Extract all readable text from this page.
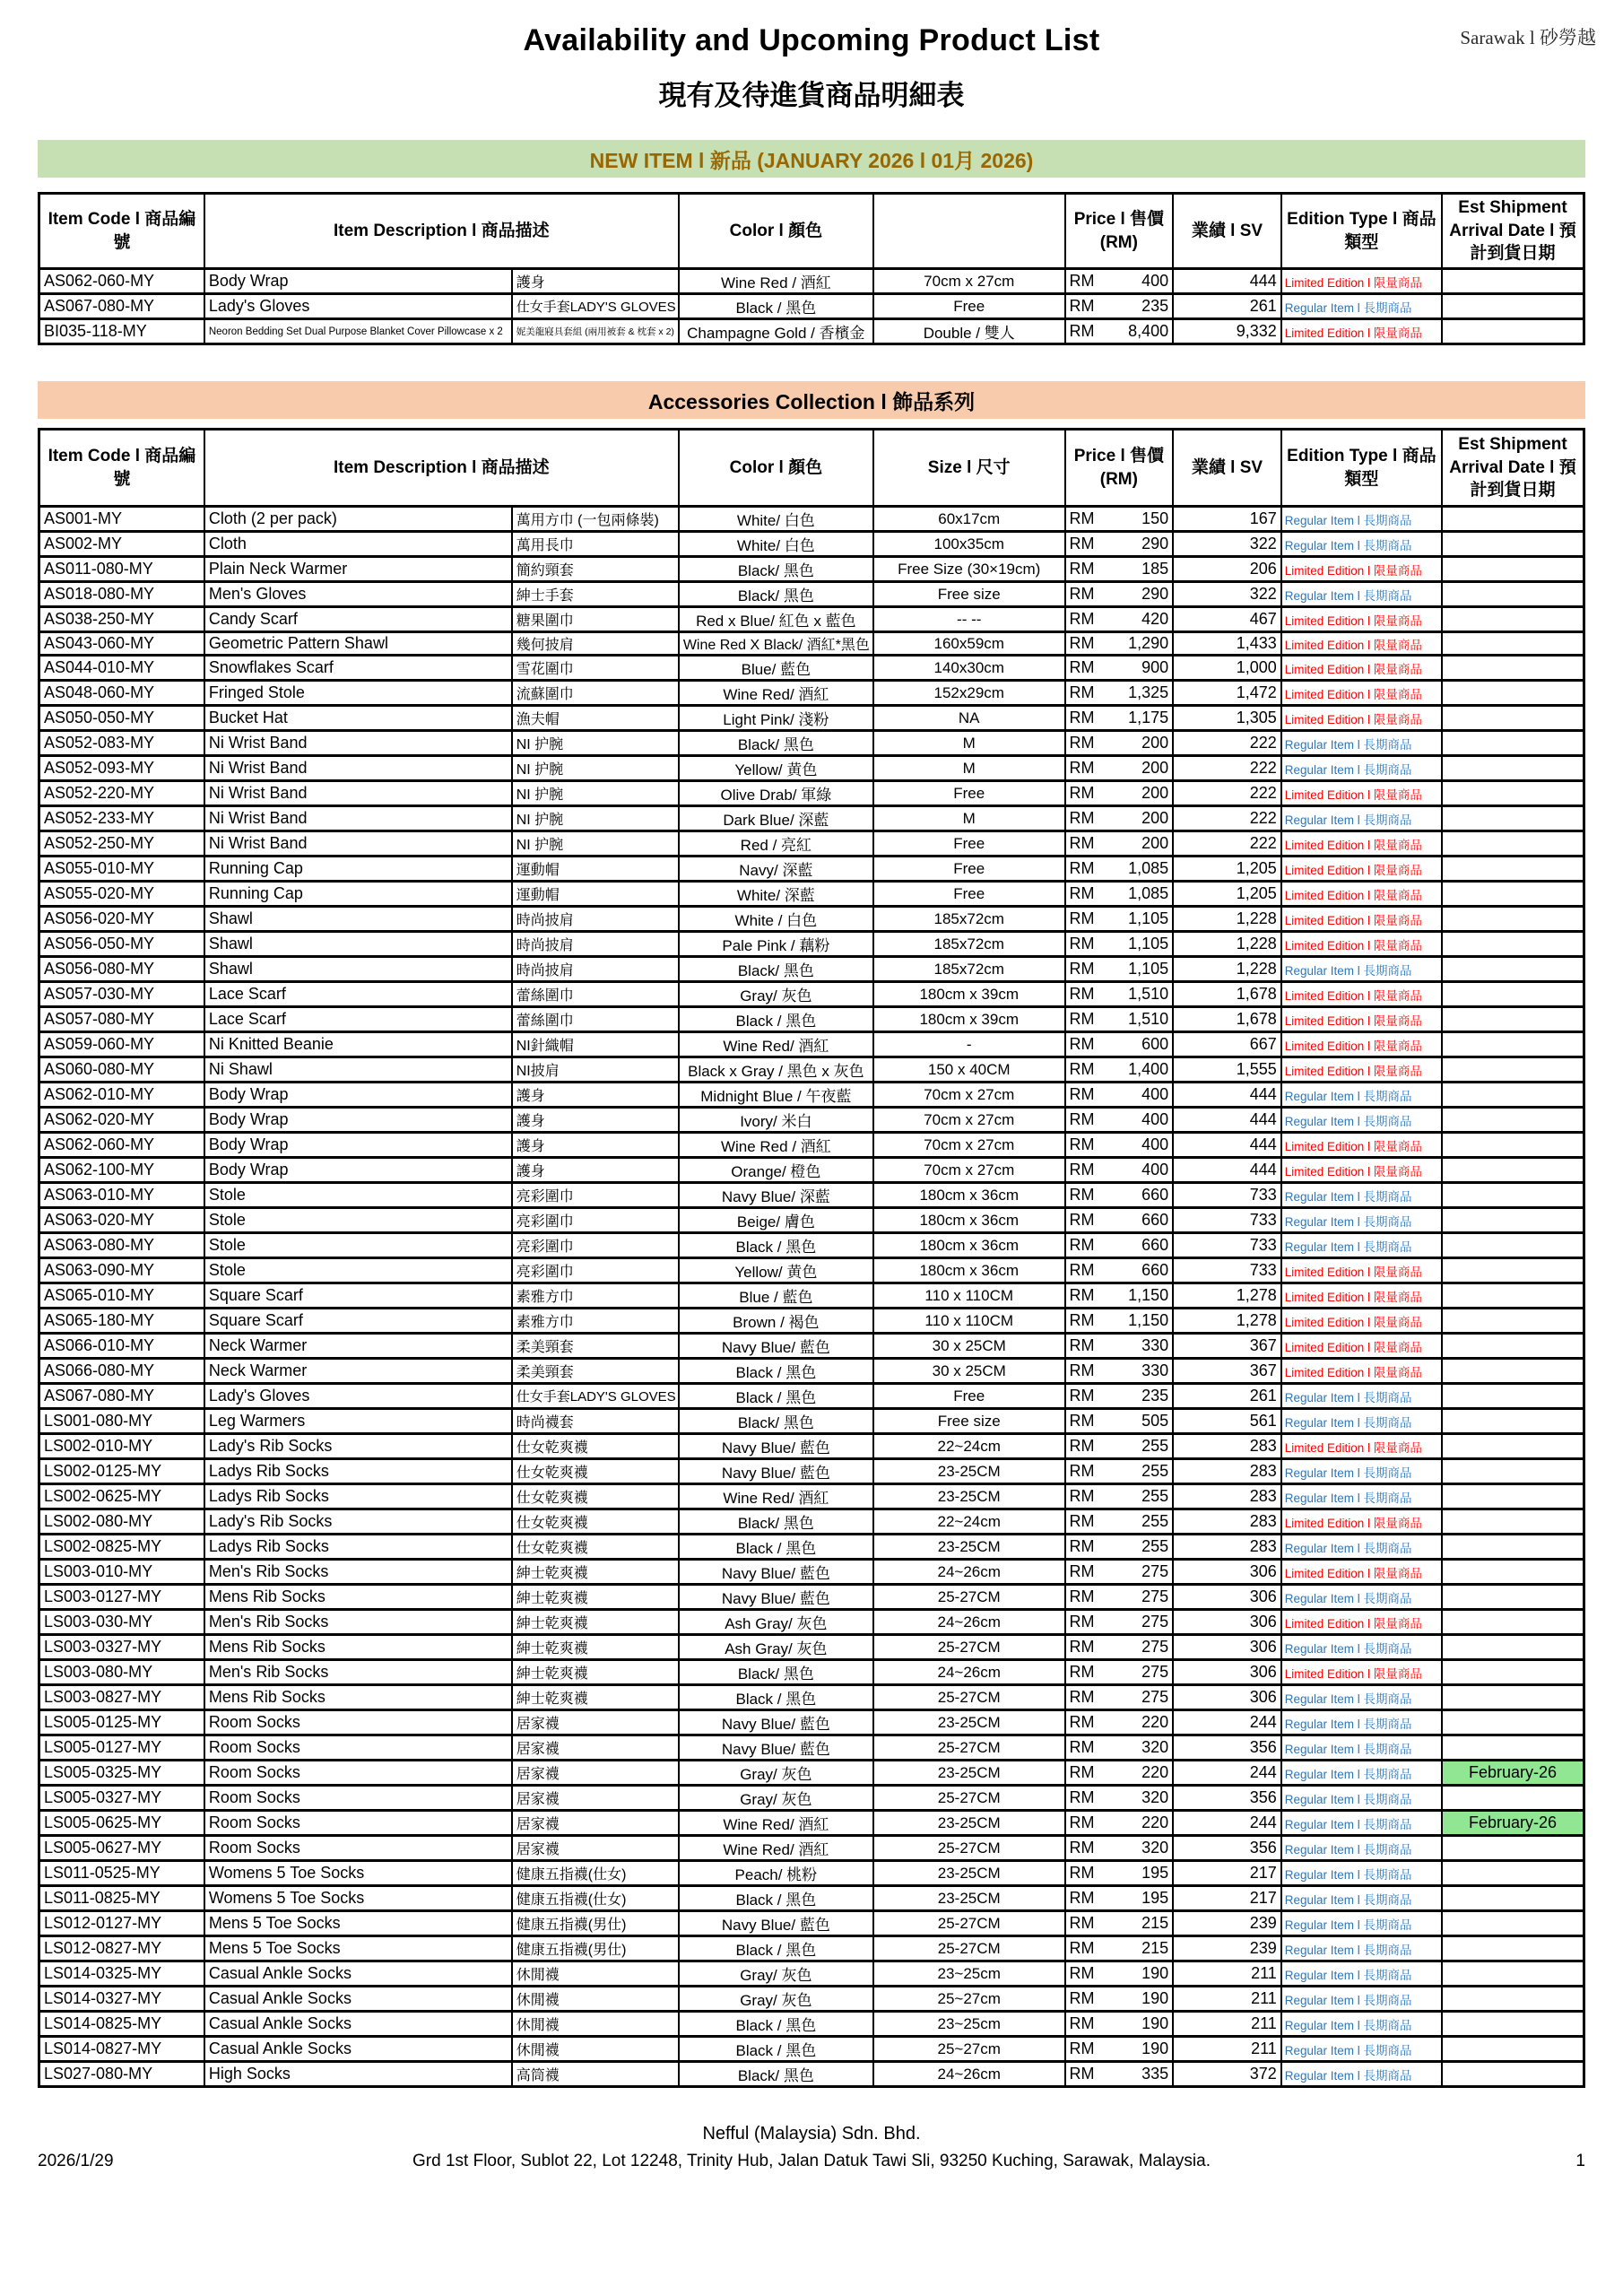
Sarawak l 砂勞越
Availability and Upcoming Product List
現有及待進貨商品明細表
NEW ITEM l 新品 (JANUARY 2026 l 01月 2026)
Item Code l 商品編號	Item Description l 商品描述		Color l 顏色		Price l 售價 (RM)	業績 l SV	Edition Type l 商品類型	Est Shipment Arrival Date l 預計到貨日期
AS062-060-MY	Body Wrap	護身	Wine Red / 酒紅	70cm x 27cm	RM 400	444	Limited Edition l 限量商品	
AS067-080-MY	Lady's Gloves	仕女手套LADY'S GLOVES	Black / 黑色	Free	RM 235	261	Regular Item l 長期商品	
BI035-118-MY	Neoron Bedding Set Dual Purpose Blanket Cover Pillowcase x 2	妮美龍寢具套組 (兩用被套 & 枕套 x 2)	Champagne Gold / 香檳金	Double / 雙人	RM 8,400	9,332	Limited Edition l 限量商品	
Accessories Collection l 飾品系列
Item Code l 商品編號	Item Description l 商品描述		Color l 顏色	Size l 尺寸	Price l 售價 (RM)	業績 l SV	Edition Type l 商品類型	Est Shipment Arrival Date l 預計到貨日期
AS001-MY	Cloth (2 per pack)	萬用方巾 (一包兩條裝)	White/ 白色	60x17cm	RM 150	167	Regular Item l 長期商品	
AS002-MY	Cloth	萬用長巾	White/ 白色	100x35cm	RM 290	322	Regular Item l 長期商品	
AS011-080-MY	Plain Neck Warmer	簡約頸套	Black/ 黑色	Free Size (30×19cm)	RM 185	206	Limited Edition l 限量商品	
AS018-080-MY	Men's Gloves	紳士手套	Black/ 黑色	Free size	RM 290	322	Regular Item l 長期商品	
AS038-250-MY	Candy Scarf	糖果圍巾	Red x Blue/ 紅色 x 藍色	-- --	RM 420	467	Limited Edition l 限量商品	
AS043-060-MY	Geometric Pattern Shawl	幾何披肩	Wine Red X Black/ 酒紅*黑色	160x59cm	RM 1,290	1,433	Limited Edition l 限量商品	
AS044-010-MY	Snowflakes Scarf	雪花圍巾	Blue/ 藍色	140x30cm	RM 900	1,000	Limited Edition l 限量商品	
AS048-060-MY	Fringed Stole	流蘇圍巾	Wine Red/ 酒紅	152x29cm	RM 1,325	1,472	Limited Edition l 限量商品	
AS050-050-MY	Bucket Hat	漁夫帽	Light Pink/ 淺粉	NA	RM 1,175	1,305	Limited Edition l 限量商品	
AS052-083-MY	Ni Wrist Band	NI 护腕	Black/ 黑色	M	RM 200	222	Regular Item l 長期商品	
AS052-093-MY	Ni Wrist Band	NI 护腕	Yellow/ 黄色	M	RM 200	222	Regular Item l 長期商品	
AS052-220-MY	Ni Wrist Band	NI 护腕	Olive Drab/ 軍綠	Free	RM 200	222	Limited Edition l 限量商品	
AS052-233-MY	Ni Wrist Band	NI 护腕	Dark Blue/ 深藍	M	RM 200	222	Regular Item l 長期商品	
AS052-250-MY	Ni Wrist Band	NI 护腕	Red / 亮紅	Free	RM 200	222	Limited Edition l 限量商品	
AS055-010-MY	Running Cap	運動帽	Navy/ 深藍	Free	RM 1,085	1,205	Limited Edition l 限量商品	
AS055-020-MY	Running Cap	運動帽	White/ 深藍	Free	RM 1,085	1,205	Limited Edition l 限量商品	
AS056-020-MY	Shawl	時尚披肩	White / 白色	185x72cm	RM 1,105	1,228	Limited Edition l 限量商品	
AS056-050-MY	Shawl	時尚披肩	Pale Pink / 藕粉	185x72cm	RM 1,105	1,228	Limited Edition l 限量商品	
AS056-080-MY	Shawl	時尚披肩	Black/ 黑色	185x72cm	RM 1,105	1,228	Regular Item l 長期商品	
AS057-030-MY	Lace Scarf	蕾絲圍巾	Gray/ 灰色	180cm x 39cm	RM 1,510	1,678	Limited Edition l 限量商品	
AS057-080-MY	Lace Scarf	蕾絲圍巾	Black / 黑色	180cm x 39cm	RM 1,510	1,678	Limited Edition l 限量商品	
AS059-060-MY	Ni Knitted Beanie	NI針織帽	Wine Red/ 酒紅	-	RM 600	667	Limited Edition l 限量商品	
AS060-080-MY	Ni Shawl	NI披肩	Black x Gray / 黑色 x 灰色	150 x 40CM	RM 1,400	1,555	Limited Edition l 限量商品	
AS062-010-MY	Body Wrap	護身	Midnight Blue / 午夜藍	70cm x 27cm	RM 400	444	Regular Item l 長期商品	
AS062-020-MY	Body Wrap	護身	Ivory/ 米白	70cm x 27cm	RM 400	444	Regular Item l 長期商品	
AS062-060-MY	Body Wrap	護身	Wine Red / 酒紅	70cm x 27cm	RM 400	444	Limited Edition l 限量商品	
AS062-100-MY	Body Wrap	護身	Orange/ 橙色	70cm x 27cm	RM 400	444	Limited Edition l 限量商品	
AS063-010-MY	Stole	亮彩圍巾	Navy Blue/ 深藍	180cm x 36cm	RM 660	733	Regular Item l 長期商品	
AS063-020-MY	Stole	亮彩圍巾	Beige/ 膚色	180cm x 36cm	RM 660	733	Regular Item l 長期商品	
AS063-080-MY	Stole	亮彩圍巾	Black / 黑色	180cm x 36cm	RM 660	733	Regular Item l 長期商品	
AS063-090-MY	Stole	亮彩圍巾	Yellow/ 黄色	180cm x 36cm	RM 660	733	Limited Edition l 限量商品	
AS065-010-MY	Square Scarf	素雅方巾	Blue / 藍色	110 x 110CM	RM 1,150	1,278	Limited Edition l 限量商品	
AS065-180-MY	Square Scarf	素雅方巾	Brown / 褐色	110 x 110CM	RM 1,150	1,278	Limited Edition l 限量商品	
AS066-010-MY	Neck Warmer	柔美頸套	Navy Blue/ 藍色	30 x 25CM	RM 330	367	Limited Edition l 限量商品	
AS066-080-MY	Neck Warmer	柔美頸套	Black / 黑色	30 x 25CM	RM 330	367	Limited Edition l 限量商品	
AS067-080-MY	Lady's Gloves	仕女手套LADY'S GLOVES	Black / 黑色	Free	RM 235	261	Regular Item l 長期商品	
LS001-080-MY	Leg Warmers	時尚襪套	Black/ 黑色	Free size	RM 505	561	Regular Item l 長期商品	
LS002-010-MY	Lady's Rib Socks	仕女乾爽襪	Navy Blue/ 藍色	22~24cm	RM 255	283	Limited Edition l 限量商品	
LS002-0125-MY	Ladys Rib Socks	仕女乾爽襪	Navy Blue/ 藍色	23-25CM	RM 255	283	Regular Item l 長期商品	
LS002-0625-MY	Ladys Rib Socks	仕女乾爽襪	Wine Red/ 酒紅	23-25CM	RM 255	283	Regular Item l 長期商品	
LS002-080-MY	Lady's Rib Socks	仕女乾爽襪	Black/ 黑色	22~24cm	RM 255	283	Limited Edition l 限量商品	
LS002-0825-MY	Ladys Rib Socks	仕女乾爽襪	Black / 黑色	23-25CM	RM 255	283	Regular Item l 長期商品	
LS003-010-MY	Men's Rib Socks	紳士乾爽襪	Navy Blue/ 藍色	24~26cm	RM 275	306	Limited Edition l 限量商品	
LS003-0127-MY	Mens Rib Socks	紳士乾爽襪	Navy Blue/ 藍色	25-27CM	RM 275	306	Regular Item l 長期商品	
LS003-030-MY	Men's Rib Socks	紳士乾爽襪	Ash Gray/ 灰色	24~26cm	RM 275	306	Limited Edition l 限量商品	
LS003-0327-MY	Mens Rib Socks	紳士乾爽襪	Ash Gray/ 灰色	25-27CM	RM 275	306	Regular Item l 長期商品	
LS003-080-MY	Men's Rib Socks	紳士乾爽襪	Black/ 黑色	24~26cm	RM 275	306	Limited Edition l 限量商品	
LS003-0827-MY	Mens Rib Socks	紳士乾爽襪	Black / 黑色	25-27CM	RM 275	306	Regular Item l 長期商品	
LS005-0125-MY	Room Socks	居家襪	Navy Blue/ 藍色	23-25CM	RM 220	244	Regular Item l 長期商品	
LS005-0127-MY	Room Socks	居家襪	Navy Blue/ 藍色	25-27CM	RM 320	356	Regular Item l 長期商品	
LS005-0325-MY	Room Socks	居家襪	Gray/ 灰色	23-25CM	RM 220	244	Regular Item l 長期商品	February-26
LS005-0327-MY	Room Socks	居家襪	Gray/ 灰色	25-27CM	RM 320	356	Regular Item l 長期商品	
LS005-0625-MY	Room Socks	居家襪	Wine Red/ 酒紅	23-25CM	RM 220	244	Regular Item l 長期商品	February-26
LS005-0627-MY	Room Socks	居家襪	Wine Red/ 酒紅	25-27CM	RM 320	356	Regular Item l 長期商品	
LS011-0525-MY	Womens 5 Toe Socks	健康五指襪(仕女)	Peach/ 桃粉	23-25CM	RM 195	217	Regular Item l 長期商品	
LS011-0825-MY	Womens 5 Toe Socks	健康五指襪(仕女)	Black / 黑色	23-25CM	RM 195	217	Regular Item l 長期商品	
LS012-0127-MY	Mens 5 Toe Socks	健康五指襪(男仕)	Navy Blue/ 藍色	25-27CM	RM 215	239	Regular Item l 長期商品	
LS012-0827-MY	Mens 5 Toe Socks	健康五指襪(男仕)	Black / 黑色	25-27CM	RM 215	239	Regular Item l 長期商品	
LS014-0325-MY	Casual Ankle Socks	休閒襪	Gray/ 灰色	23~25cm	RM 190	211	Regular Item l 長期商品	
LS014-0327-MY	Casual Ankle Socks	休閒襪	Gray/ 灰色	25~27cm	RM 190	211	Regular Item l 長期商品	
LS014-0825-MY	Casual Ankle Socks	休閒襪	Black / 黑色	23~25cm	RM 190	211	Regular Item l 長期商品	
LS014-0827-MY	Casual Ankle Socks	休閒襪	Black / 黑色	25~27cm	RM 190	211	Regular Item l 長期商品	
LS027-080-MY	High Socks	高筒襪	Black/ 黑色	24~26cm	RM 335	372	Regular Item l 長期商品	
Nefful (Malaysia) Sdn. Bhd.
2026/1/29	Grd 1st Floor, Sublot 22, Lot 12248, Trinity Hub, Jalan Datuk Tawi Sli, 93250 Kuching, Sarawak, Malaysia.	1
